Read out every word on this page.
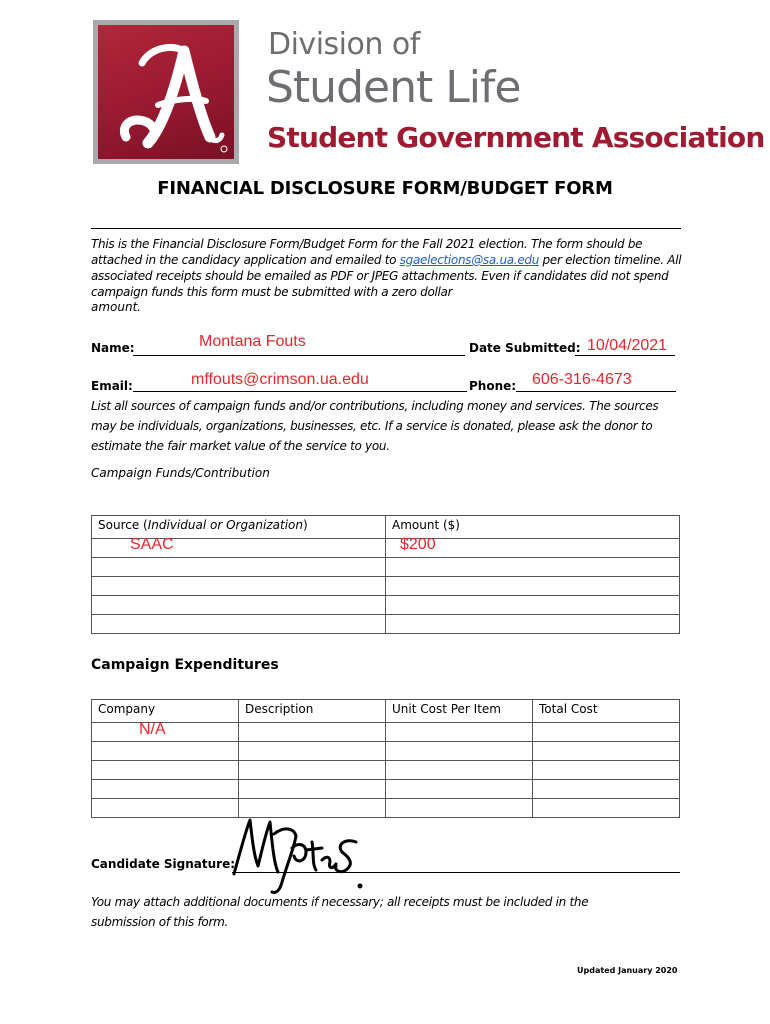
Division of
Student Life
Student Government Association
FINANCIAL DISCLOSURE FORM/BUDGET FORM
This is the Financial Disclosure Form/Budget Form for the Fall 2021 election. The form should be attached in the candidacy application and emailed to sgaelections@sa.ua.edu per election timeline. All associated receipts should be emailed as PDF or JPEG attachments. Even if candidates did not spend campaign funds this form must be submitted with a zero dollar
amount.
Name:	Montana Fouts	Date Submitted: 10/04/2021
Email:	mffouts@crimson.ua.edu	Phone: 606-316-4673
List all sources of campaign funds and/or contributions, including money and services. The sources may be individuals, organizations, businesses, etc. If a service is donated, please ask the donor to estimate the fair market value of the service to you.
Campaign Funds/Contribution
Source (Individual or Organization)	Amount ($)

SAAC	$200

Campaign Expenditures
Company	Description	Unit Cost Per Item	Total Cost

N/A			

Candidate Signature:
You may attach additional documents if necessary; all receipts must be included in the submission of this form.
Updated January 2020
